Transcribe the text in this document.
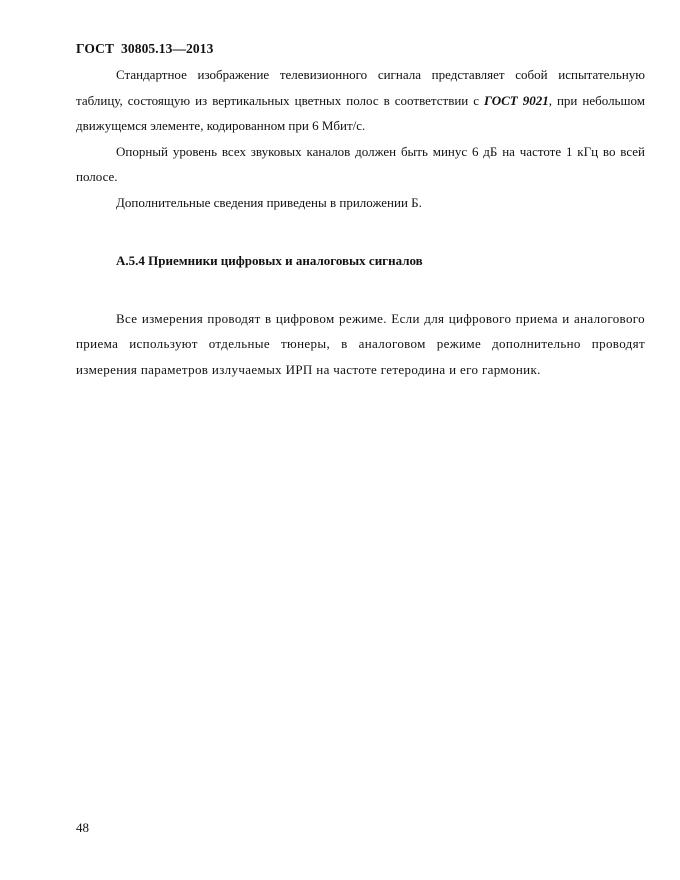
ГОСТ  30805.13—2013

Стандартное изображение телевизионного сигнала представляет собой испытательную таблицу, состоящую из вертикальных цветных полос в соответствии с ГОСТ 9021, при небольшом движущемся элементе, кодированном при 6 Мбит/с.

Опорный уровень всех звуковых каналов должен быть минус 6 дБ на частоте 1 кГц во всей полосе.

Дополнительные сведения приведены в приложении Б.

А.5.4 Приемники цифровых и аналоговых сигналов

Все измерения проводят в цифровом режиме. Если для цифрового приема и аналогового приема используют отдельные тюнеры, в аналоговом режиме дополнительно проводят измерения параметров излучаемых ИРП на частоте гетеродина и его гармоник.

48
